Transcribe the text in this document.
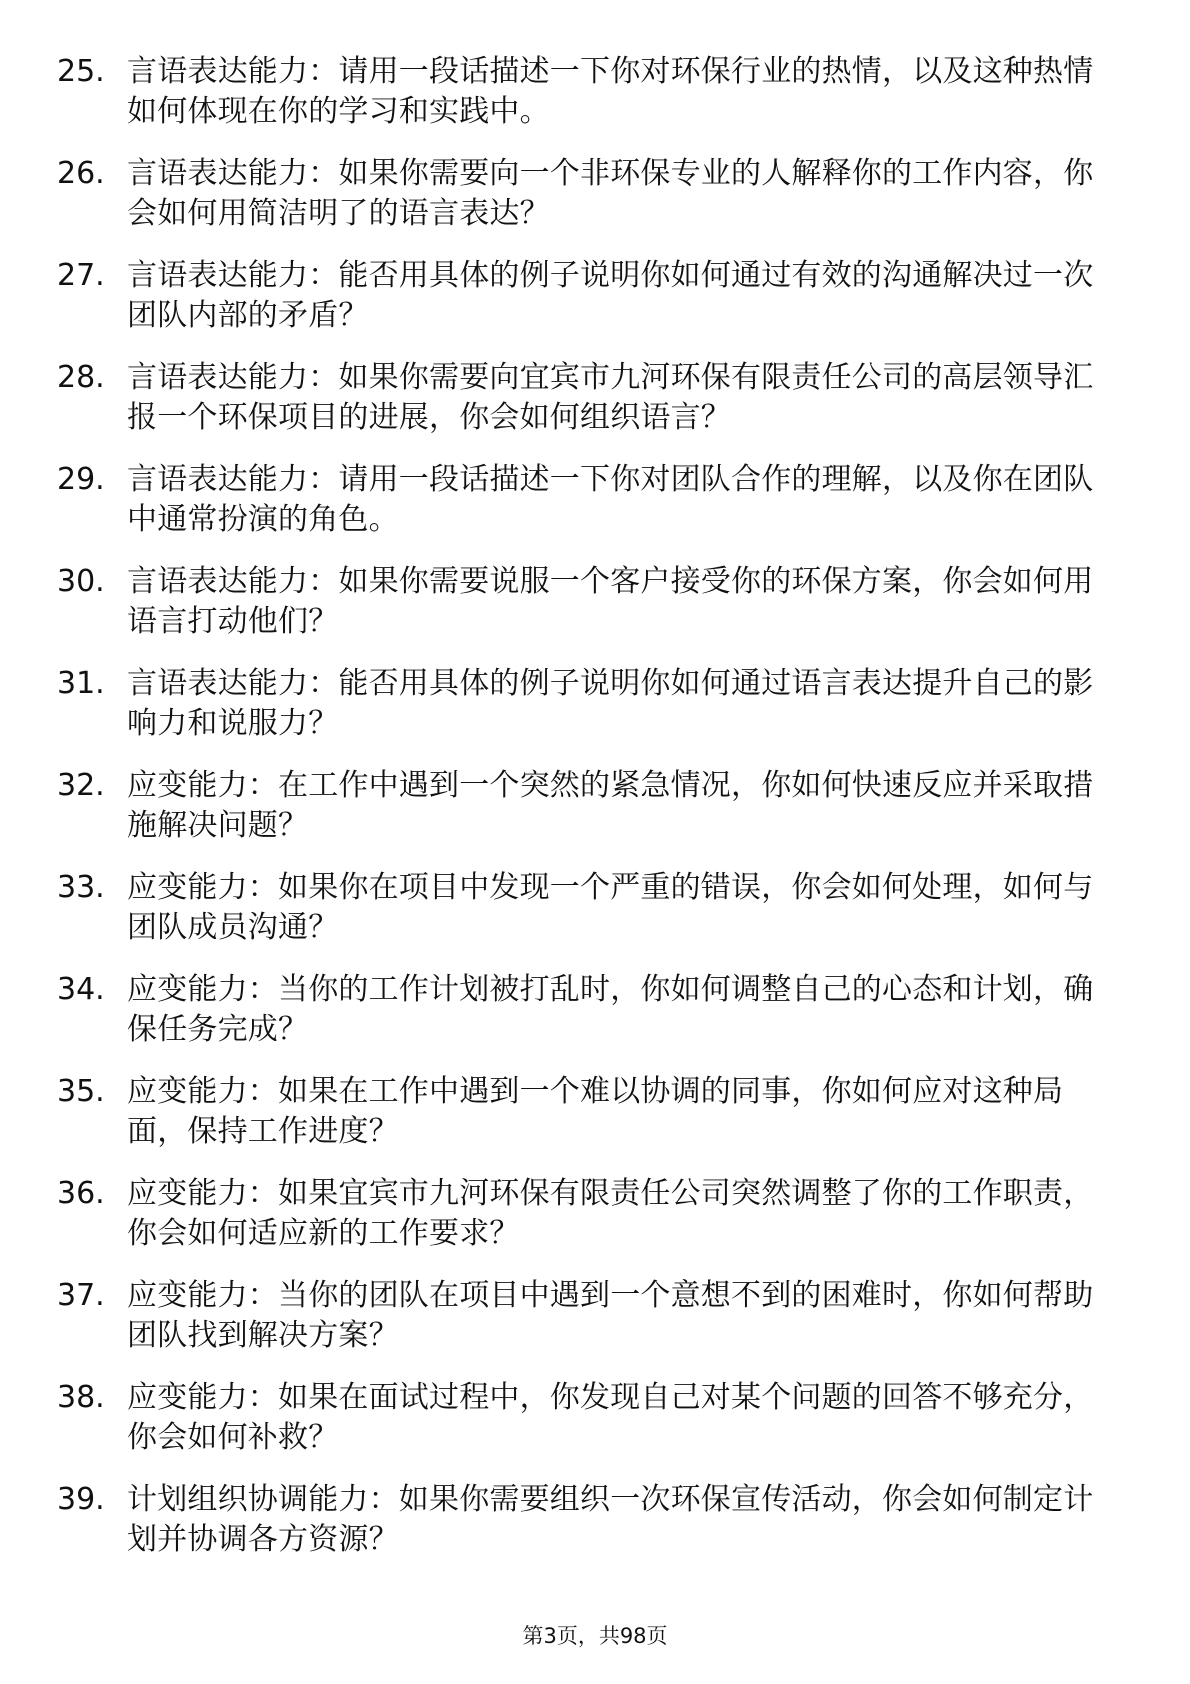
25. 言语表达能力：请用一段话描述一下你对环保行业的热情，以及这种热情如何体现在你的学习和实践中。
26. 言语表达能力：如果你需要向一个非环保专业的人解释你的工作内容，你会如何用简洁明了的语言表达？
27. 言语表达能力：能否用具体的例子说明你如何通过有效的沟通解决过一次团队内部的矛盾？
28. 言语表达能力：如果你需要向宜宾市九河环保有限责任公司的高层领导汇报一个环保项目的进展，你会如何组织语言？
29. 言语表达能力：请用一段话描述一下你对团队合作的理解，以及你在团队中通常扮演的角色。
30. 言语表达能力：如果你需要说服一个客户接受你的环保方案，你会如何用语言打动他们？
31. 言语表达能力：能否用具体的例子说明你如何通过语言表达提升自己的影响力和说服力？
32. 应变能力：在工作中遇到一个突然的紧急情况，你如何快速反应并采取措施解决问题？
33. 应变能力：如果你在项目中发现一个严重的错误，你会如何处理，如何与团队成员沟通？
34. 应变能力：当你的工作计划被打乱时，你如何调整自己的心态和计划，确保任务完成？
35. 应变能力：如果在工作中遇到一个难以协调的同事，你如何应对这种局面，保持工作进度？
36. 应变能力：如果宜宾市九河环保有限责任公司突然调整了你的工作职责，你会如何适应新的工作要求？
37. 应变能力：当你的团队在项目中遇到一个意想不到的困难时，你如何帮助团队找到解决方案？
38. 应变能力：如果在面试过程中，你发现自己对某个问题的回答不够充分，你会如何补救？
39. 计划组织协调能力：如果你需要组织一次环保宣传活动，你会如何制定计划并协调各方资源？
第3页，共98页
